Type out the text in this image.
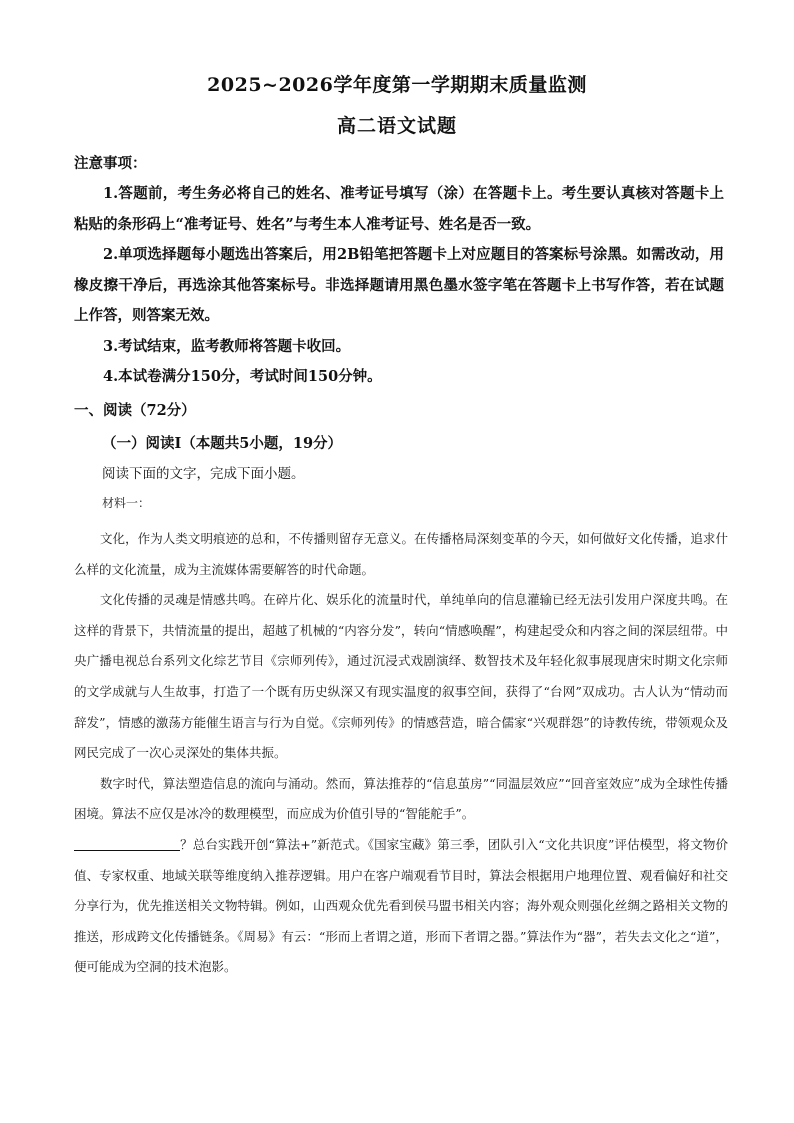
2025~2026学年度第一学期期末质量监测
高二语文试题
注意事项：

1.答题前，考生务必将自己的姓名、准考证号填写（涂）在答题卡上。考生要认真核对答题卡上粘贴的条形码上“准考证号、姓名”与考生本人准考证号、姓名是否一致。

2.单项选择题每小题选出答案后，用2B铅笔把答题卡上对应题目的答案标号涂黑。如需改动，用橡皮擦干净后，再选涂其他答案标号。非选择题请用黑色墨水签字笔在答题卡上书写作答，若在试题上作答，则答案无效。

3.考试结束，监考教师将答题卡收回。

4.本试卷满分150分，考试时间150分钟。

一、阅读（72分）
（一）阅读Ⅰ（本题共5小题，19分）
阅读下面的文字，完成下面小题。
材料一：

文化，作为人类文明痕迹的总和，不传播则留存无意义。在传播格局深刻变革的今天，如何做好文化传播，追求什么样的文化流量，成为主流媒体需要解答的时代命题。

文化传播的灵魂是情感共鸣。在碎片化、娱乐化的流量时代，单纯单向的信息灌输已经无法引发用户深度共鸣。在这样的背景下，共情流量的提出，超越了机械的“内容分发”，转向“情感唤醒”，构建起受众和内容之间的深层纽带。中央广播电视总台系列文化综艺节目《宗师列传》，通过沉浸式戏剧演绎、数智技术及年轻化叙事展现唐宋时期文化宗师的文学成就与人生故事，打造了一个既有历史纵深又有现实温度的叙事空间，获得了“台网”双成功。古人认为“情动而辞发”，情感的激荡方能催生语言与行为自觉。《宗师列传》的情感营造，暗合儒家“兴观群怨”的诗教传统，带领观众及网民完成了一次心灵深处的集体共振。

数字时代，算法塑造信息的流向与涌动。然而，算法推荐的“信息茧房”“同温层效应”“回音室效应”成为全球性传播困境。算法不应仅是冰冷的数理模型，而应成为价值引导的“智能舵手”。
？总台实践开创“算法+”新范式。《国家宝藏》第三季，团队引入“文化共识度”评估模型，将文物价值、专家权重、地域关联等维度纳入推荐逻辑。用户在客户端观看节目时，算法会根据用户地理位置、观看偏好和社交分享行为，优先推送相关文物特辑。例如，山西观众优先看到侯马盟书相关内容；海外观众则强化丝绸之路相关文物的推送，形成跨文化传播链条。《周易》有云：“形而上者谓之道，形而下者谓之器。”算法作为“器”，若失去文化之“道”，便可能成为空洞的技术泡影。
